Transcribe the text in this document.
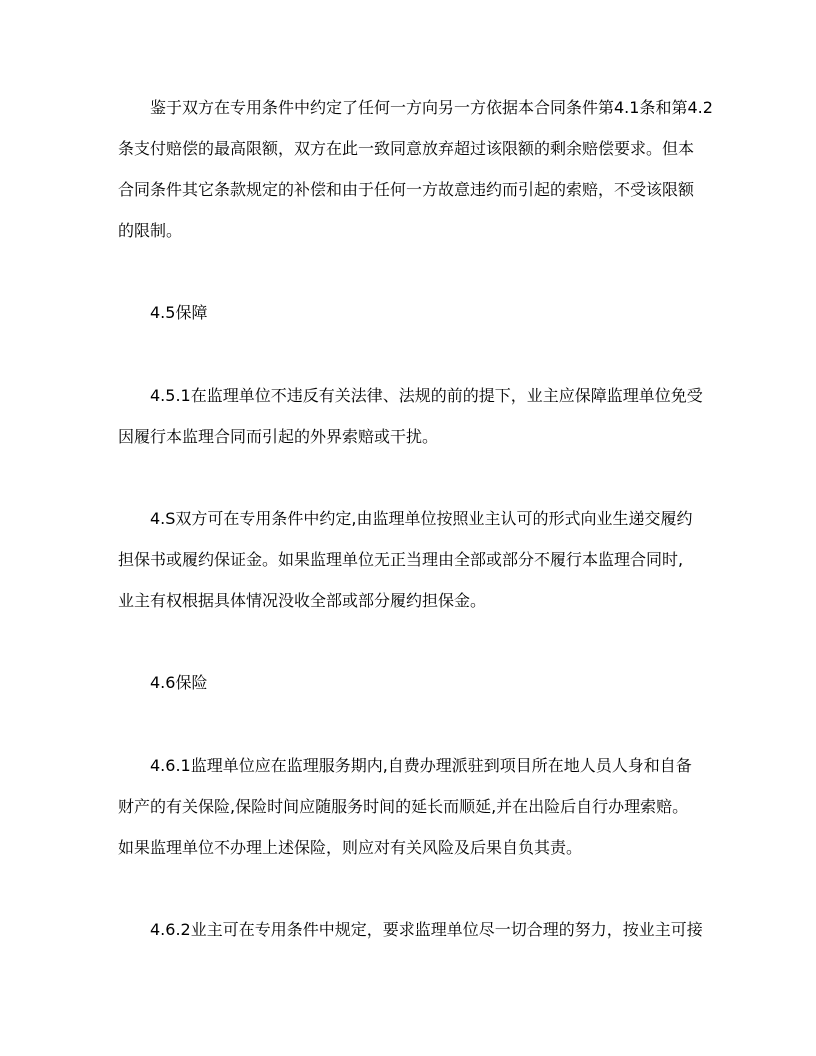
鉴于双方在专用条件中约定了任何一方向另一方依据本合同条件第4.1条和第4.2
条支付赔偿的最高限额，双方在此一致同意放弃超过该限额的剩余赔偿要求。但本
合同条件其它条款规定的补偿和由于任何一方故意违约而引起的索赔，不受该限额
的限制。
4.5保障
4.5.1在监理单位不违反有关法律、法规的前的提下，业主应保障监理单位免受
因履行本监理合同而引起的外界索赔或干扰。
4.S双方可在专用条件中约定,由监理单位按照业主认可的形式向业生递交履约
担保书或履约保证金。如果监理单位无正当理由全部或部分不履行本监理合同时,
业主有权根据具体情况没收全部或部分履约担保金。
4.6保险
4.6.1监理单位应在监理服务期内,自费办理派驻到项目所在地人员人身和自备
财产的有关保险,保险时间应随服务时间的延长而顺延,并在出险后自行办理索赔。
如果监理单位不办理上述保险，则应对有关风险及后果自负其责。
4.6.2业主可在专用条件中规定，要求监理单位尽一切合理的努力，按业主可接
